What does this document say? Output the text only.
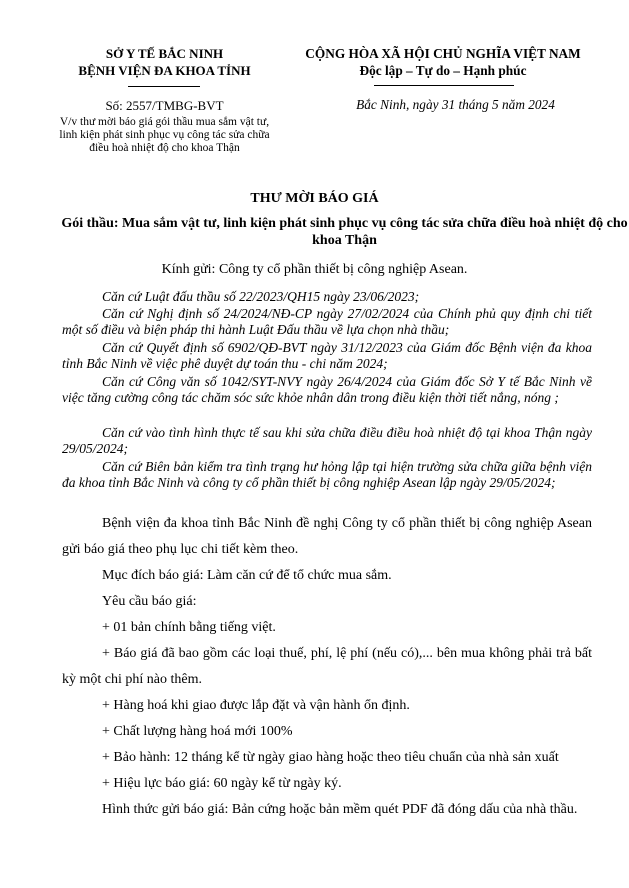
SỞ Y TẾ BẮC NINH
BỆNH VIỆN ĐA KHOA TỈNH
Số: 2557/TMBG-BVT
V/v thư mời báo giá gói thầu mua sắm vật tư, linh kiện phát sinh phục vụ công tác sửa chữa điều hoà nhiệt độ cho khoa Thận
CỘNG HÒA XÃ HỘI CHỦ NGHĨA VIỆT NAM
Độc lập – Tự do – Hạnh phúc
Bắc Ninh, ngày 31 tháng 5 năm 2024
THƯ MỜI BÁO GIÁ
Gói thầu: Mua sắm vật tư, linh kiện phát sinh phục vụ công tác sửa chữa điều hoà nhiệt độ cho khoa Thận
Kính gửi: Công ty cổ phần thiết bị công nghiệp Asean.
Căn cứ Luật đấu thầu số 22/2023/QH15 ngày 23/06/2023;
Căn cứ Nghị định số 24/2024/NĐ-CP ngày 27/02/2024 của Chính phủ quy định chi tiết một số điều và biện pháp thi hành Luật Đấu thầu về lựa chọn nhà thầu;
Căn cứ Quyết định số 6902/QĐ-BVT ngày 31/12/2023 của Giám đốc Bệnh viện đa khoa tỉnh Bắc Ninh về việc phê duyệt dự toán thu - chi năm 2024;
Căn cứ Công văn số 1042/SYT-NVY ngày 26/4/2024 của Giám đốc Sở Y tế Bắc Ninh về việc tăng cường công tác chăm sóc sức khỏe nhân dân trong điều kiện thời tiết nắng, nóng ;
Căn cứ vào tình hình thực tế sau khi sửa chữa điều điều hoà nhiệt độ tại khoa Thận ngày 29/05/2024;
Căn cứ Biên bản kiểm tra tình trạng hư hỏng lập tại hiện trường sửa chữa giữa bệnh viện đa khoa tỉnh Bắc Ninh và công ty cổ phần thiết bị công nghiệp Asean lập ngày 29/05/2024;
Bệnh viện đa khoa tỉnh Bắc Ninh đề nghị Công ty cổ phần thiết bị công nghiệp Asean gửi báo giá theo phụ lục chi tiết kèm theo.
Mục đích báo giá: Làm căn cứ để tổ chức mua sắm.
Yêu cầu báo giá:
+ 01 bản chính bằng tiếng việt.
+ Báo giá đã bao gồm các loại thuế, phí, lệ phí (nếu có),... bên mua không phải trả bất kỳ một chi phí nào thêm.
+ Hàng hoá khi giao được lắp đặt và vận hành ổn định.
+ Chất lượng hàng hoá mới 100%
+ Bảo hành: 12 tháng kể từ ngày giao hàng hoặc theo tiêu chuẩn của nhà sản xuất
+ Hiệu lực báo giá: 60 ngày kể từ ngày ký.
Hình thức gửi báo giá: Bản cứng hoặc bản mềm quét PDF đã đóng dấu của nhà thầu.
